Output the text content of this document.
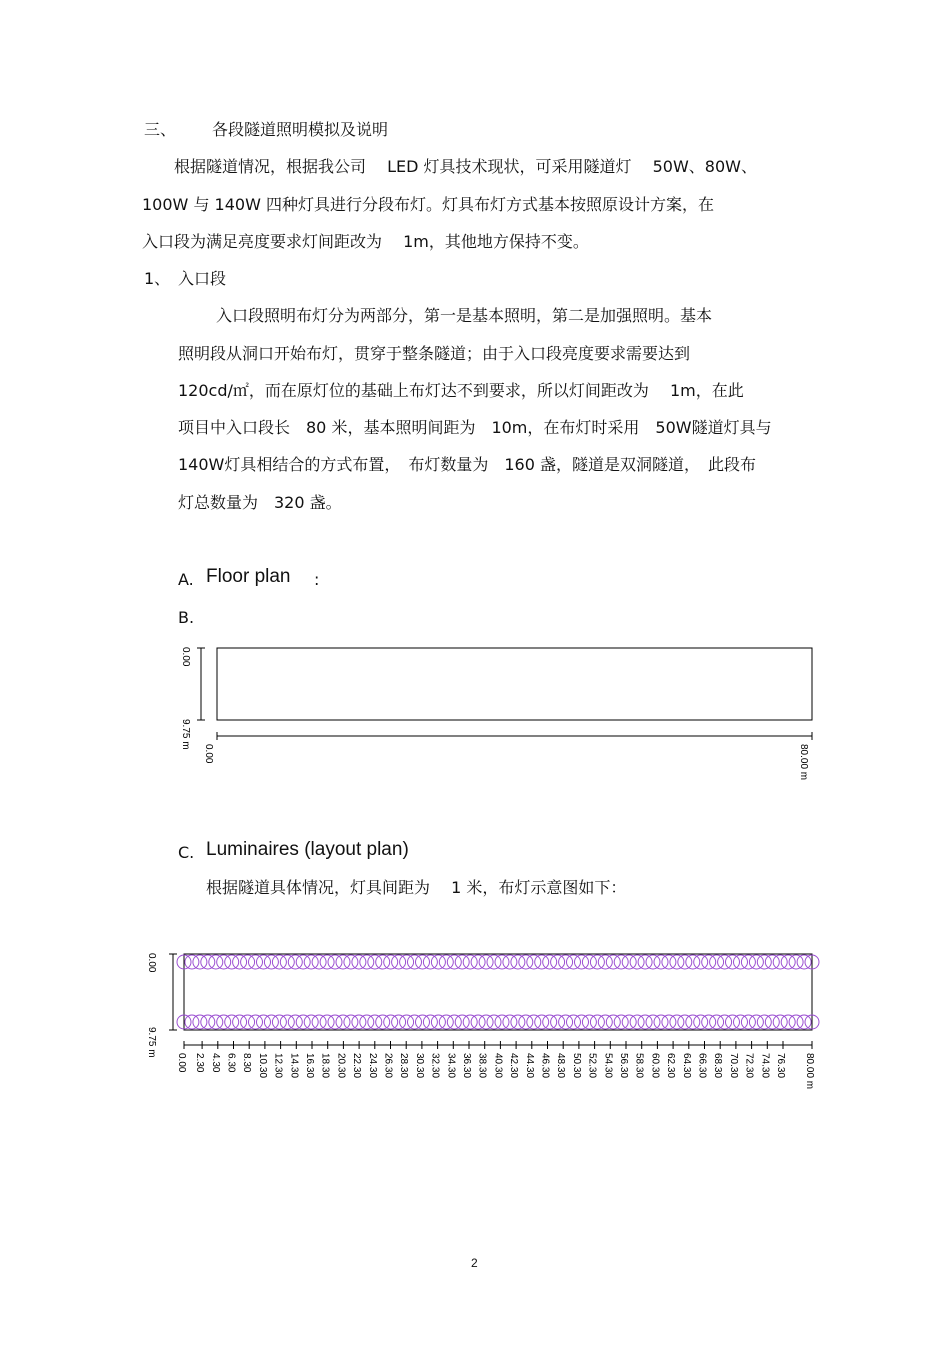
三、 各段隧道照明模拟及说明
根据隧道情况，根据我公司　 LED 灯具技术现状，可采用隧道灯　 50W、80W、
100W 与 140W 四种灯具进行分段布灯。灯具布灯方式基本按照原设计方案，在
入口段为满足亮度要求灯间距改为　 1m，其他地方保持不变。
1、 入口段
入口段照明布灯分为两部分，第一是基本照明，第二是加强照明。基本
照明段从洞口开始布灯，贯穿于整条隧道；由于入口段亮度要求需要达到
120cd/㎡，而在原灯位的基础上布灯达不到要求，所以灯间距改为　 1m，在此
项目中入口段长　80 米，基本照明间距为　10m，在布灯时采用　50W隧道灯具与
140W灯具相结合的方式布置，　布灯数量为　160 盏，隧道是双洞隧道，　此段布
灯总数量为　320 盏。
A. Floor plan :
B.
0.00
9.75 m
0.00	80.00 m
C. Luminaires (layout plan)
根据隧道具体情况，灯具间距为　 1 米，布灯示意图如下：
0.00
9.75 m
0.00 2.30 4.30 6.30 8.30 10.30 12.30 14.30 16.30 18.30 20.30 22.30 24.30 26.30 28.30 30.30 32.30 34.30 36.30 38.30 40.30 42.30 44.30 46.30 48.30 50.30 52.30 54.30 56.30 58.30 60.30 62.30 64.30 66.30 68.30 70.30 72.30 74.30 76.30 80.00 m
2
